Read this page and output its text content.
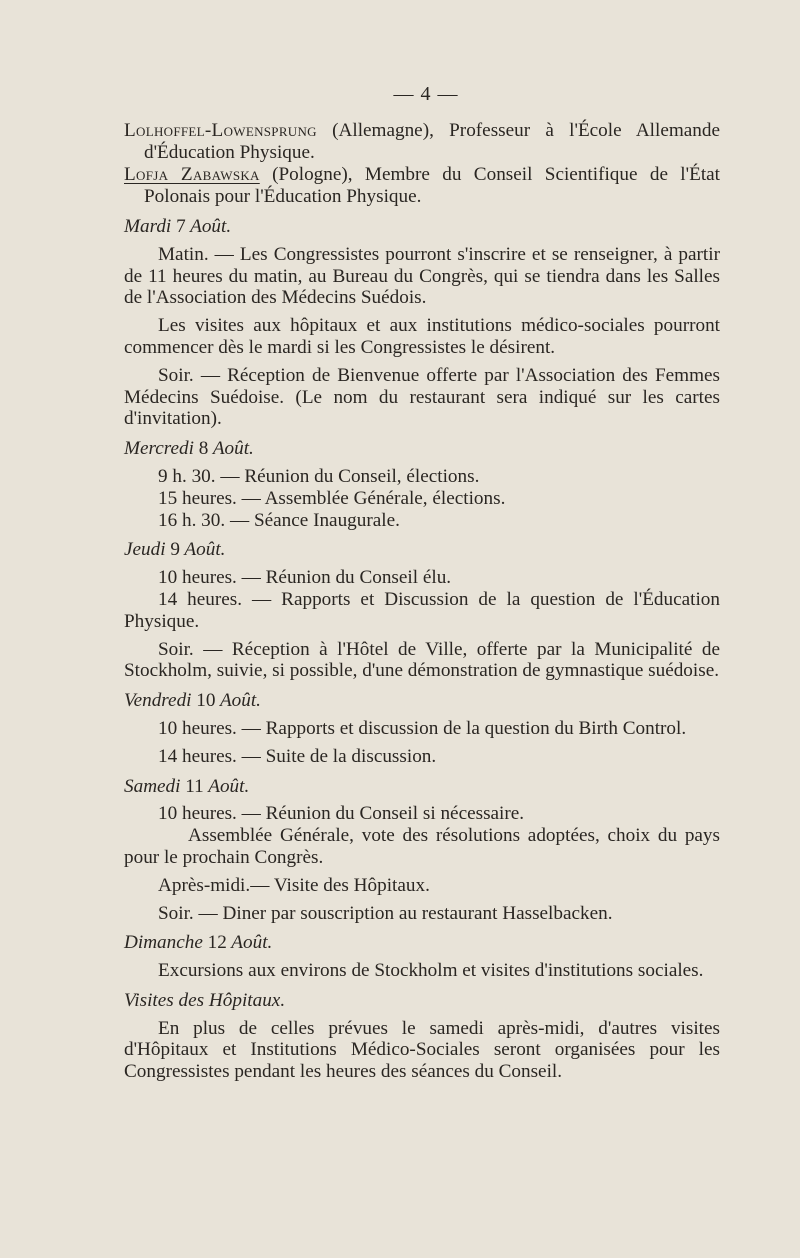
— 4 —

Lolhoffel-Lowensprung (Allemagne), Professeur à l'École Allemande d'Éducation Physique.

Lofja Zabawska (Pologne), Membre du Conseil Scientifique de l'État Polonais pour l'Éducation Physique.

Mardi 7 Août.

Matin. — Les Congressistes pourront s'inscrire et se renseigner, à partir de 11 heures du matin, au Bureau du Congrès, qui se tiendra dans les Salles de l'Association des Médecins Suédois.

Les visites aux hôpitaux et aux institutions médico-sociales pourront commencer dès le mardi si les Congressistes le désirent.

Soir. — Réception de Bienvenue offerte par l'Association des Femmes Médecins Suédoise. (Le nom du restaurant sera indiqué sur les cartes d'invitation).

Mercredi 8 Août.

9 h. 30. — Réunion du Conseil, élections.

15 heures. — Assemblée Générale, élections.

16 h. 30. — Séance Inaugurale.

Jeudi 9 Août.

10 heures. — Réunion du Conseil élu.

14 heures. — Rapports et Discussion de la question de l'Éducation Physique.

Soir. — Réception à l'Hôtel de Ville, offerte par la Municipalité de Stockholm, suivie, si possible, d'une démonstration de gymnastique suédoise.

Vendredi 10 Août.

10 heures. — Rapports et discussion de la question du Birth Control.

14 heures. — Suite de la discussion.

Samedi 11 Août.

10 heures. — Réunion du Conseil si nécessaire.

Assemblée Générale, vote des résolutions adoptées, choix du pays pour le prochain Congrès.

Après-midi.— Visite des Hôpitaux.

Soir. — Diner par souscription au restaurant Hasselbacken.

Dimanche 12 Août.

Excursions aux environs de Stockholm et visites d'institutions sociales.

Visites des Hôpitaux.

En plus de celles prévues le samedi après-midi, d'autres visites d'Hôpitaux et Institutions Médico-Sociales seront organisées pour les Congressistes pendant les heures des séances du Conseil.
